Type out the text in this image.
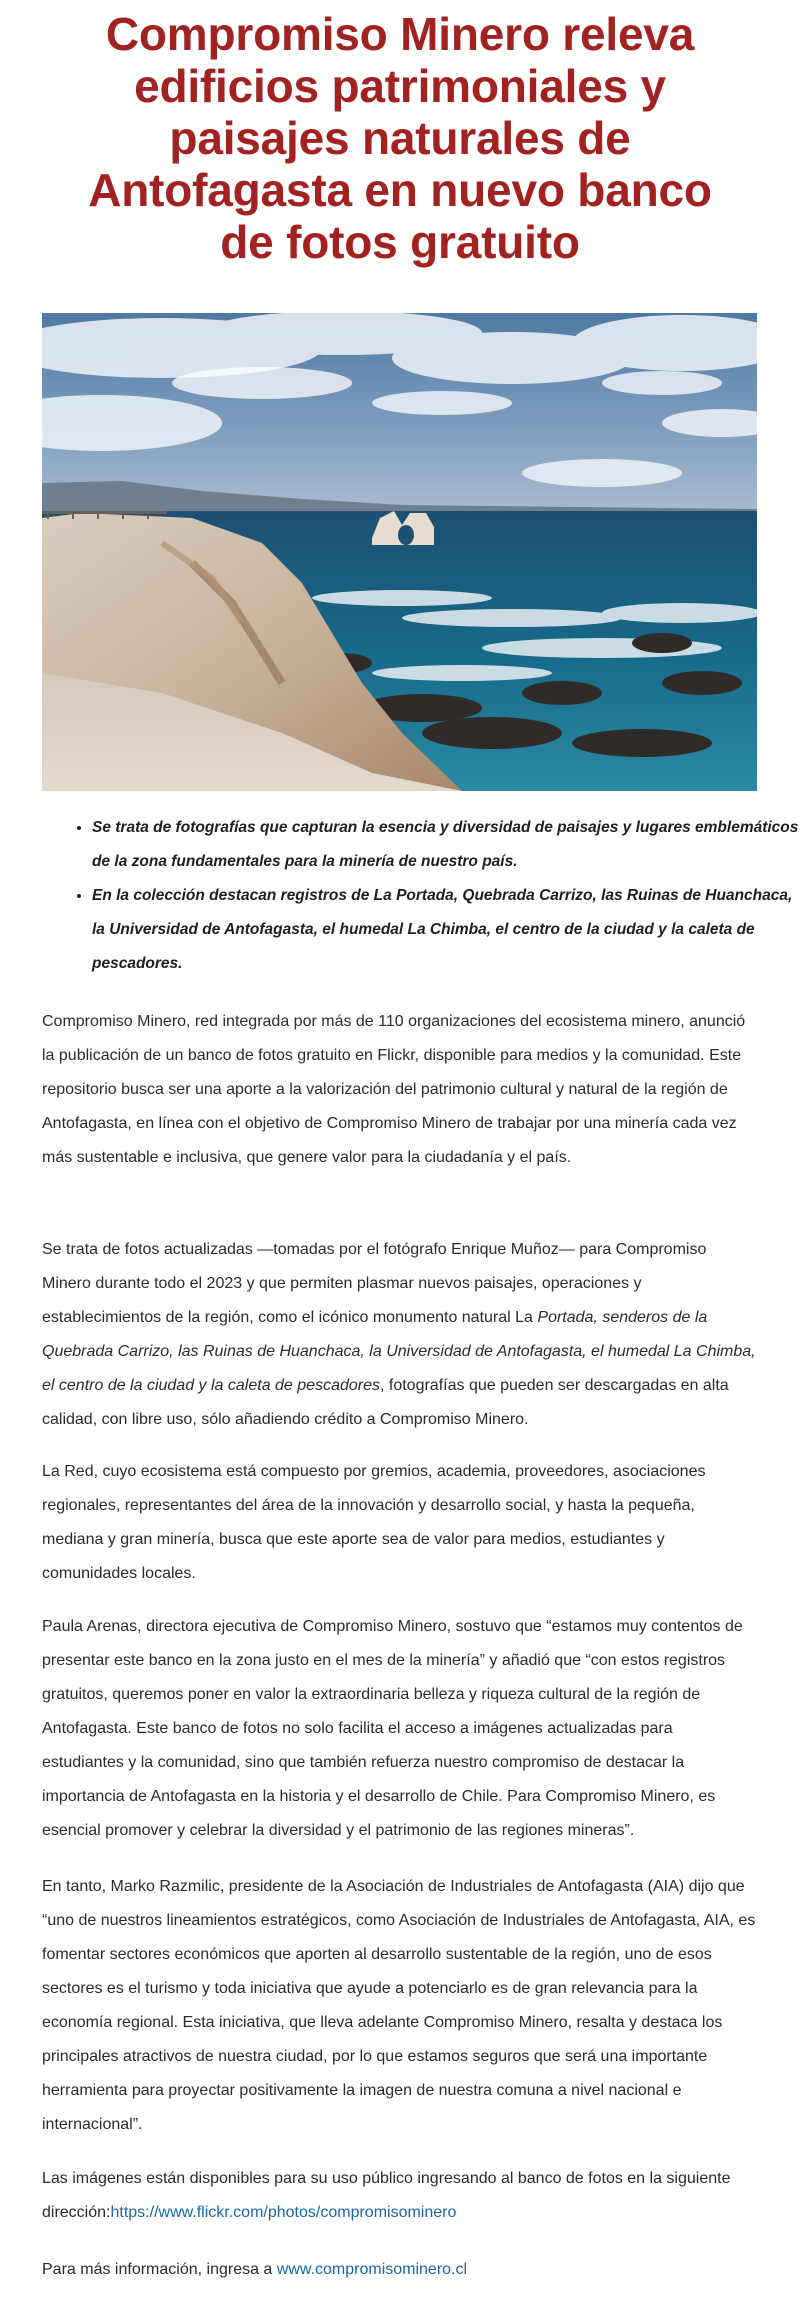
Compromiso Minero releva edificios patrimoniales y paisajes naturales de Antofagasta en nuevo banco de fotos gratuito
• Se trata de fotografías que capturan la esencia y diversidad de paisajes y lugares emblemáticos de la zona fundamentales para la minería de nuestro país.
• En la colección destacan registros de La Portada, Quebrada Carrizo, las Ruinas de Huanchaca, la Universidad de Antofagasta, el humedal La Chimba, el centro de la ciudad y la caleta de pescadores.

Compromiso Minero, red integrada por más de 110 organizaciones del ecosistema minero, anunció la publicación de un banco de fotos gratuito en Flickr, disponible para medios y la comunidad. Este repositorio busca ser una aporte a la valorización del patrimonio cultural y natural de la región de Antofagasta, en línea con el objetivo de Compromiso Minero de trabajar por una minería cada vez más sustentable e inclusiva, que genere valor para la ciudadanía y el país.

Se trata de fotos actualizadas —tomadas por el fotógrafo Enrique Muñoz— para Compromiso Minero durante todo el 2023 y que permiten plasmar nuevos paisajes, operaciones y establecimientos de la región, como el icónico monumento natural La Portada, senderos de la Quebrada Carrizo, las Ruinas de Huanchaca, la Universidad de Antofagasta, el humedal La Chimba, el centro de la ciudad y la caleta de pescadores, fotografías que pueden ser descargadas en alta calidad, con libre uso, sólo añadiendo crédito a Compromiso Minero.

La Red, cuyo ecosistema está compuesto por gremios, academia, proveedores, asociaciones regionales, representantes del área de la innovación y desarrollo social, y hasta la pequeña, mediana y gran minería, busca que este aporte sea de valor para medios, estudiantes y comunidades locales.

Paula Arenas, directora ejecutiva de Compromiso Minero, sostuvo que “estamos muy contentos de presentar este banco en la zona justo en el mes de la minería” y añadió que “con estos registros gratuitos, queremos poner en valor la extraordinaria belleza y riqueza cultural de la región de Antofagasta. Este banco de fotos no solo facilita el acceso a imágenes actualizadas para estudiantes y la comunidad, sino que también refuerza nuestro compromiso de destacar la importancia de Antofagasta en la historia y el desarrollo de Chile. Para Compromiso Minero, es esencial promover y celebrar la diversidad y el patrimonio de las regiones mineras”.

En tanto, Marko Razmilic, presidente de la Asociación de Industriales de Antofagasta (AIA) dijo que “uno de nuestros lineamientos estratégicos, como Asociación de Industriales de Antofagasta, AIA, es fomentar sectores económicos que aporten al desarrollo sustentable de la región, uno de esos sectores es el turismo y toda iniciativa que ayude a potenciarlo es de gran relevancia para la economía regional. Esta iniciativa, que lleva adelante Compromiso Minero, resalta y destaca los principales atractivos de nuestra ciudad, por lo que estamos seguros que será una importante herramienta para proyectar positivamente la imagen de nuestra comuna a nivel nacional e internacional”.

Las imágenes están disponibles para su uso público ingresando al banco de fotos en la siguiente dirección:https://www.flickr.com/photos/compromisominero

Para más información, ingresa a www.compromisominero.cl
